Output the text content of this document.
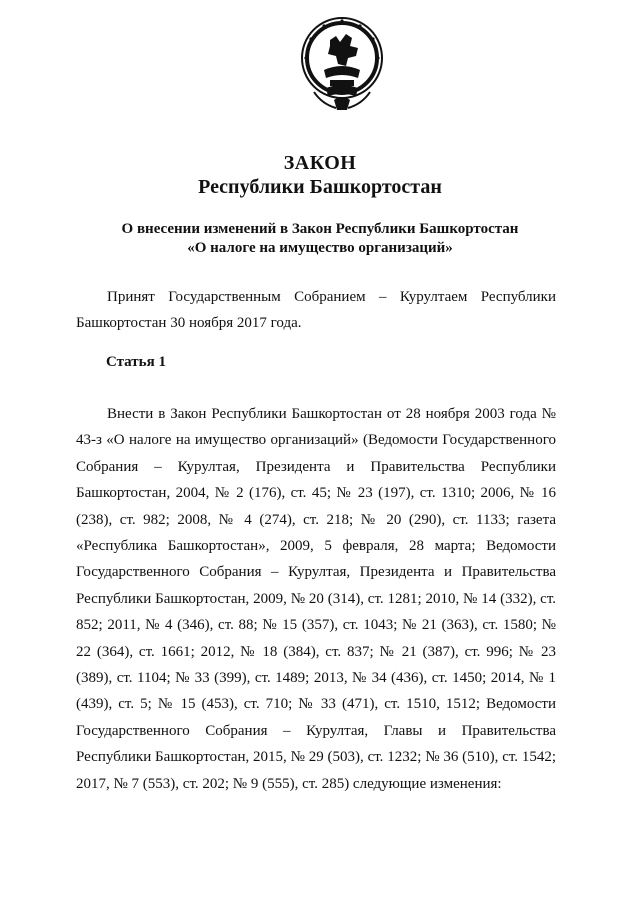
ЗАКОН
Республики Башкортостан
О внесении изменений в Закон Республики Башкортостан
«О налоге на имущество организаций»

Принят Государственным Собранием – Курултаем Республики Башкортостан 30 ноября 2017 года.

Статья 1

Внести в Закон Республики Башкортостан от 28 ноября 2003 года № 43-з «О налоге на имущество организаций» (Ведомости Государственного Собрания – Курултая, Президента и Правительства Республики Башкортостан, 2004, № 2 (176), ст. 45; № 23 (197), ст. 1310; 2006, № 16 (238), ст. 982; 2008, № 4 (274), ст. 218; № 20 (290), ст. 1133; газета «Республика Башкортостан», 2009, 5 февраля, 28 марта; Ведомости Государственного Собрания – Курултая, Президента и Правительства Республики Башкортостан, 2009, № 20 (314), ст. 1281; 2010, № 14 (332), ст. 852; 2011, № 4 (346), ст. 88; № 15 (357), ст. 1043; № 21 (363), ст. 1580; № 22 (364), ст. 1661; 2012, № 18 (384), ст. 837; № 21 (387), ст. 996; № 23 (389), ст. 1104; № 33 (399), ст. 1489; 2013, № 34 (436), ст. 1450; 2014, № 1 (439), ст. 5; № 15 (453), ст. 710; № 33 (471), ст. 1510, 1512; Ведомости Государственного Собрания – Курултая, Главы и Правительства Республики Башкортостан, 2015, № 29 (503), ст. 1232; № 36 (510), ст. 1542; 2017, № 7 (553), ст. 202; № 9 (555), ст. 285) следующие изменения:
